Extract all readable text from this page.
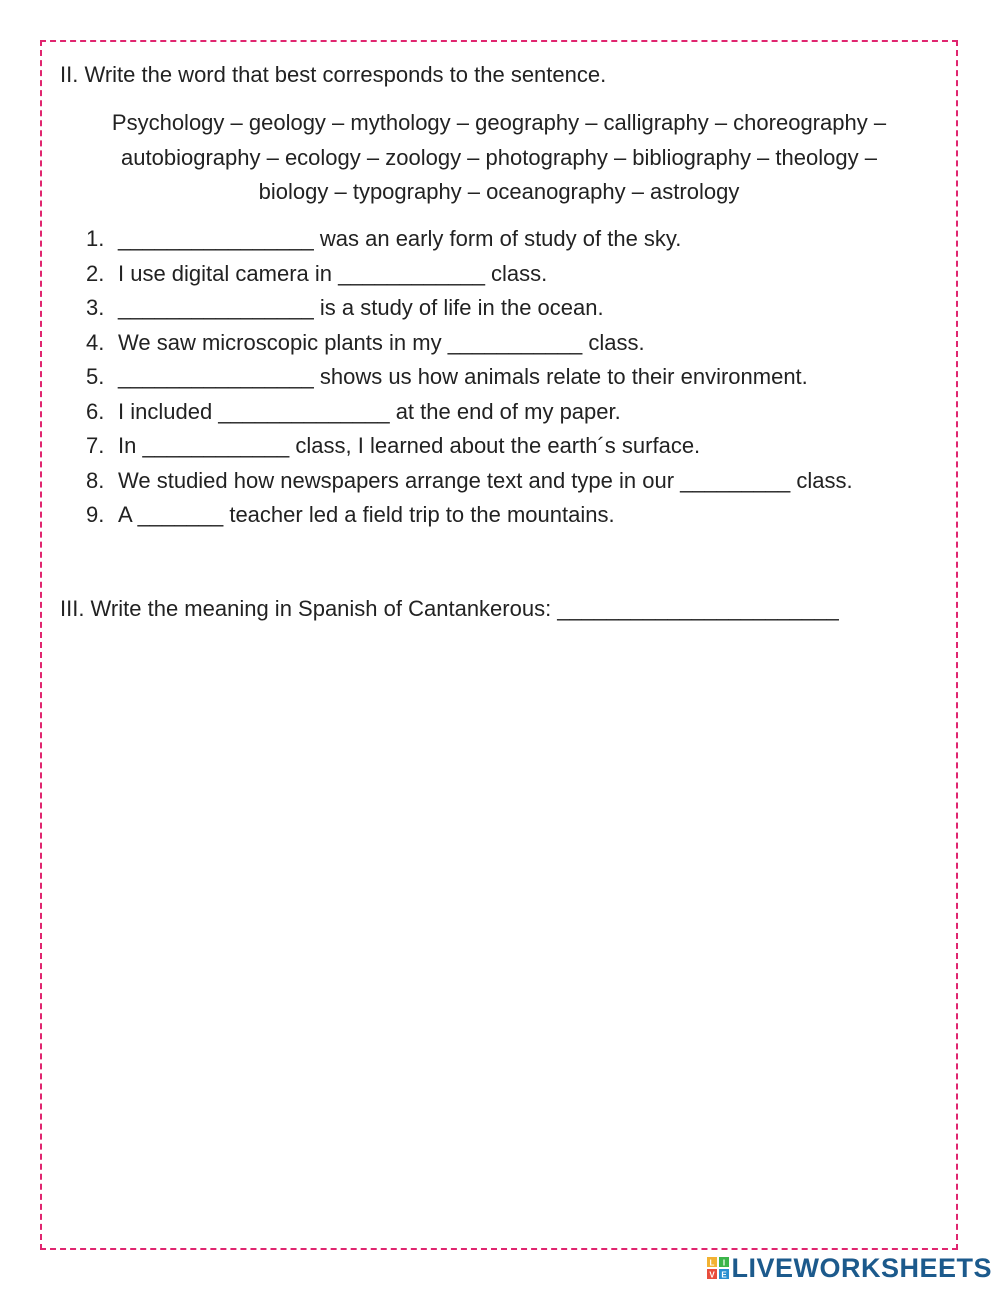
II. Write the word that best corresponds to the sentence.
Psychology – geology – mythology – geography – calligraphy – choreography –
autobiography – ecology – zoology – photography – bibliography – theology –
biology – typography – oceanography – astrology
1. ________________ was an early form of study of the sky.
2. I use digital camera in ____________ class.
3. ________________ is a study of life in the ocean.
4. We saw microscopic plants in my ___________ class.
5. ________________ shows us how animals relate to their environment.
6. I included ______________ at the end of my paper.
7. In ____________ class, I learned about the earth´s surface.
8. We studied how newspapers arrange text and type in our _________ class.
9. A _______ teacher led a field trip to the mountains.
III. Write the meaning in Spanish of Cantankerous: _______________________
L I
V E LIVEWORKSHEETS
